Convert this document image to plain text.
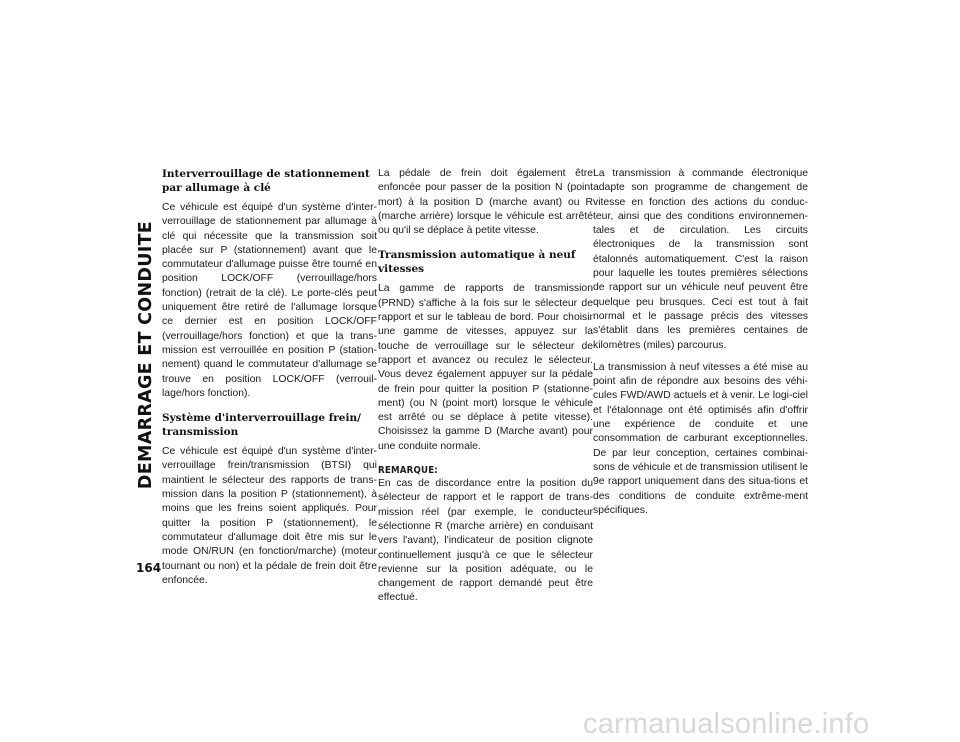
DEMARRAGE ET CONDUITE
164
Interverrouillage de stationnement par allumage à clé

Ce véhicule est équipé d'un système d'inter-verrouillage de stationnement par allumage à clé qui nécessite que la transmission soit placée sur P (stationnement) avant que le commutateur d'allumage puisse être tourné en position LOCK/OFF (verrouillage/hors fonction) (retrait de la clé). Le porte-clés peut uniquement être retiré de l'allumage lorsque ce dernier est en position LOCK/OFF (verrouillage/hors fonction) et que la trans-mission est verrouillée en position P (station-nement) quand le commutateur d'allumage se trouve en position LOCK/OFF (verrouil-lage/hors fonction).

Système d'interverrouillage frein/ transmission

Ce véhicule est équipé d'un système d'inter-verrouillage frein/transmission (BTSI) qui maintient le sélecteur des rapports de trans-mission dans la position P (stationnement), à moins que les freins soient appliqués. Pour quitter la position P (stationnement), le commutateur d'allumage doit être mis sur le mode ON/RUN (en fonction/marche) (moteur tournant ou non) et la pédale de frein doit être enfoncée.

La pédale de frein doit également être enfoncée pour passer de la position N (point mort) à la position D (marche avant) ou R (marche arrière) lorsque le véhicule est arrêté ou qu'il se déplace à petite vitesse.

Transmission automatique à neuf vitesses

La gamme de rapports de transmission (PRND) s'affiche à la fois sur le sélecteur de rapport et sur le tableau de bord. Pour choisir une gamme de vitesses, appuyez sur la touche de verrouillage sur le sélecteur de rapport et avancez ou reculez le sélecteur. Vous devez également appuyer sur la pédale de frein pour quitter la position P (stationne-ment) (ou N (point mort) lorsque le véhicule est arrêté ou se déplace à petite vitesse). Choisissez la gamme D (Marche avant) pour une conduite normale.

REMARQUE:

En cas de discordance entre la position du sélecteur de rapport et le rapport de trans-mission réel (par exemple, le conducteur sélectionne R (marche arrière) en conduisant vers l'avant), l'indicateur de position clignote continuellement jusqu'à ce que le sélecteur revienne sur la position adéquate, ou le changement de rapport demandé peut être effectué.

La transmission à commande électronique adapte son programme de changement de vitesse en fonction des actions du conduc-teur, ainsi que des conditions environnemen-tales et de circulation. Les circuits électroniques de la transmission sont étalonnés automatiquement. C'est la raison pour laquelle les toutes premières sélections de rapport sur un véhicule neuf peuvent être quelque peu brusques. Ceci est tout à fait normal et le passage précis des vitesses s'établit dans les premières centaines de kilomètres (miles) parcourus.

La transmission à neuf vitesses a été mise au point afin de répondre aux besoins des véhi-cules FWD/AWD actuels et à venir. Le logi-ciel et l'étalonnage ont été optimisés afin d'offrir une expérience de conduite et une consommation de carburant exceptionnelles. De par leur conception, certaines combinai-sons de véhicule et de transmission utilisent le 9e rapport uniquement dans des situa-tions et des conditions de conduite extrême-ment spécifiques.

carmanualsonline.info
